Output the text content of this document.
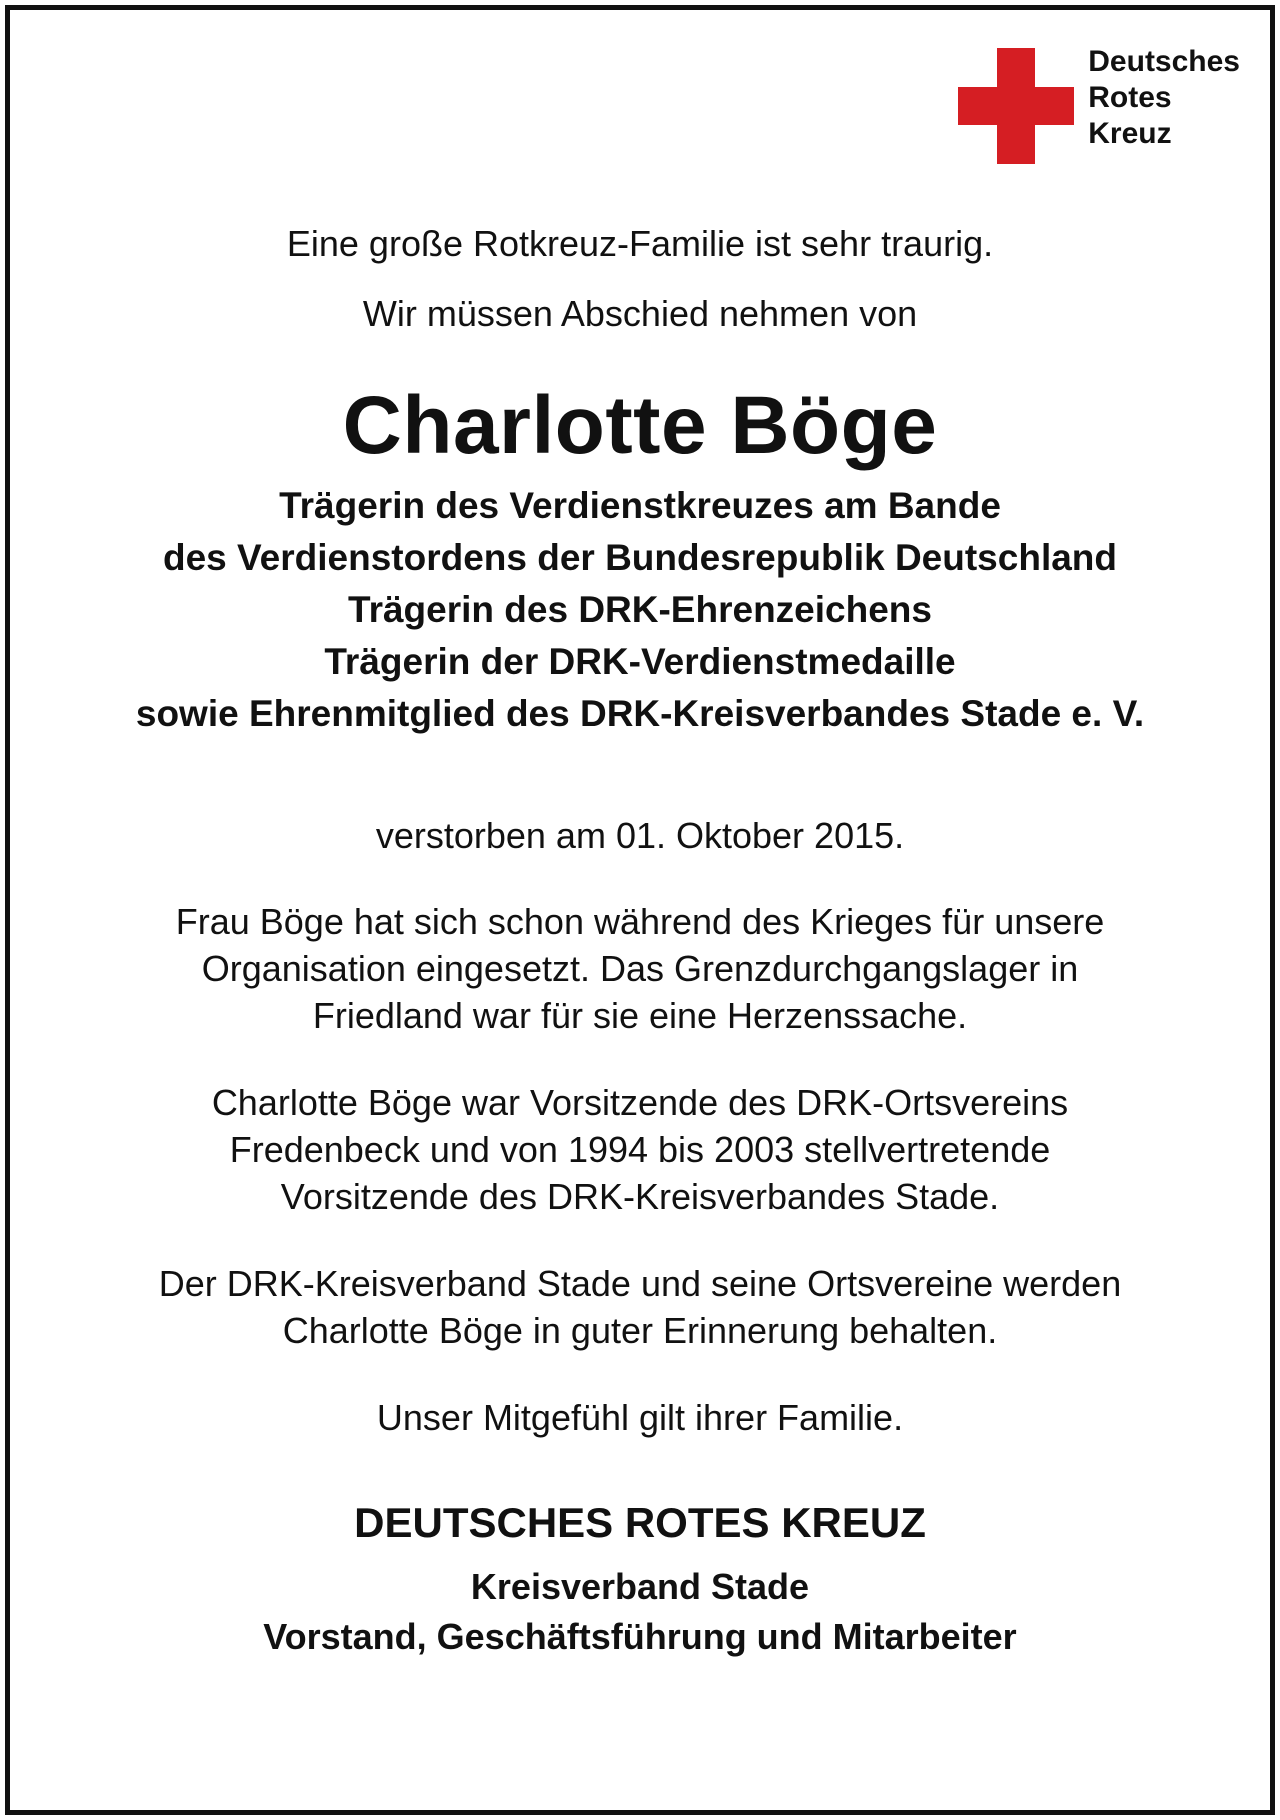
Deutsches
Rotes
Kreuz

Eine große Rotkreuz-Familie ist sehr traurig.

Wir müssen Abschied nehmen von

Charlotte Böge
Trägerin des Verdienstkreuzes am Bande
des Verdienstordens der Bundesrepublik Deutschland
Trägerin des DRK-Ehrenzeichens
Trägerin der DRK-Verdienstmedaille
sowie Ehrenmitglied des DRK-Kreisverbandes Stade e. V.
verstorben am 01. Oktober 2015.
Frau Böge hat sich schon während des Krieges für unsere
Organisation eingesetzt. Das Grenzdurchgangslager in
Friedland war für sie eine Herzenssache.
Charlotte Böge war Vorsitzende des DRK-Ortsvereins
Fredenbeck und von 1994 bis 2003 stellvertretende
Vorsitzende des DRK-Kreisverbandes Stade.
Der DRK-Kreisverband Stade und seine Ortsvereine werden
Charlotte Böge in guter Erinnerung behalten.
Unser Mitgefühl gilt ihrer Familie.
DEUTSCHES ROTES KREUZ
Kreisverband Stade
Vorstand, Geschäftsführung und Mitarbeiter
